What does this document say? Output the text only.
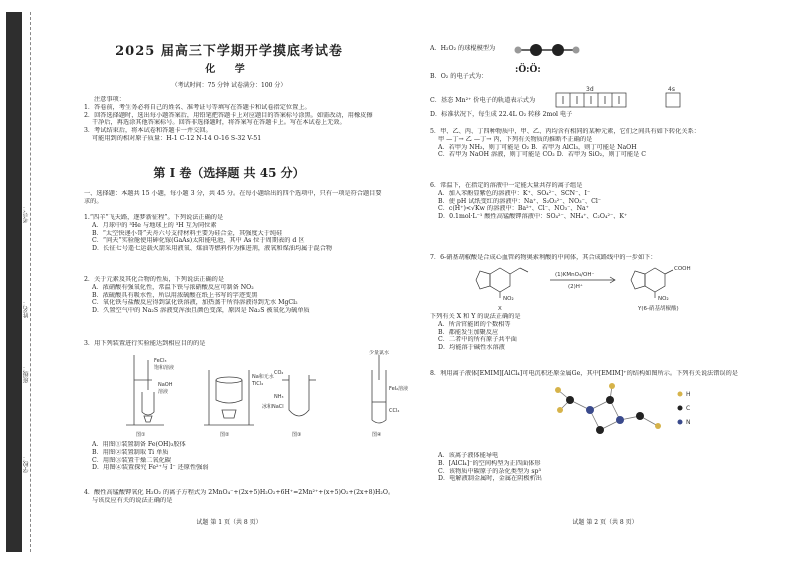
考号：
姓名：
班级：
学校：
2025 届高三下学期开学摸底考试卷
化 学
（考试时间：75 分钟 试卷满分：100 分）
注意事项：
1．答卷前，考生务必将自己的姓名、准考证号等填写在答题卡和试卷指定位置上。
2．回答选择题时，选出每小题答案后，用铅笔把答题卡上对应题目的答案标号涂黑。如需改动，用橡皮擦
干净后，再选涂其他答案标号。回答非选择题时，将答案写在答题卡上。写在本试卷上无效。
3．考试结束后，将本试卷和答题卡一并交回。
可能用到的相对原子质量：H-1 C-12 N-14 O-16 S-32 V-51
第 I 卷（选择题 共 45 分）
一、选择题：本题共 15 小题，每小题 3 分，共 45 分。在每小题给出的四个选项中，只有一项是符合题目要
求的。
1.“四羊”飞天路，逐梦新征程”。下列说法正确的是
A．月球中的 ³He 与地球上的 ³H 互为同位素
B．“太空快递小哥”天舟六号支持材料主要为硅合金，其强度大于纯硅
C．“问天”实验舱使用砷化镓(GaAs)太阳能电池，其中 As 位于周期表的 d 区
D．长征七号遥七运载火箭采用液氧、煤油等燃料作为推进剂，液氧和煤油均属于混合物
2．关于元素及其化合物的性质，下列说法正确的是
A．浓硝酸有强氧化性，常温下铁与浓硝酸反应可制备 NO₂
B．浓硫酸具有吸水性，所以用浓硫酸在纸上书写的字迹变黑
C．氧化铁与盐酸反应得到氯化铁溶液，加热蒸干所得溶液得到无水 MgCl₂
D．久置空气中的 Na₂S 溶液变浑浊且颜色变深，原因是 Na₂S 被氧化为硫单质
3．用下列装置进行实验能达到相应目的的是
FeCl₃
饱和溶液
NaOH
溶液
Na和无水
TiCl₄
CO₂
NH₃
冰和NaCl
少量氯水
FeI₂溶液
CCl₄
图①	图②	图③	图④
A．用图①装置制备 Fe(OH)₃胶体
B．用图②装置制取 Ti 单质
C．用图③装置干燥二氧化碳
D．用图④装置探究 Fe²⁺与 I⁻ 还原性强弱
4．酸性高锰酸钾氧化 H₂O₂ 的离子方程式为 2MnO₄⁻+(2x+5)H₂O₂+6H⁺=2Mn²⁺+(x+5)O₂+(2x+8)H₂O。
与该反应有关的说法正确的是
试题 第 1 页（共 8 页）
A．H₂O₂ 的球棍模型为
B．O₂ 的电子式为：
C．基态 Mn²⁺ 价电子的轨道表示式为
D．标准状况下，每生成 22.4L O₂ 转移 2mol 电子
:Ö:Ö:
3d	4s
5．甲、乙、丙、丁四种物质中，甲、乙、丙均含有相同的某种元素，它们之间具有如下转化关系：
甲 —丁→ 乙 —丁→ 丙，下列有关物质的推断不正确的是
A．若甲为 NH₃，则丁可能是 O₂ B．若甲为 AlCl₃，则丁可能是 NaOH
C．若甲为 NaOH 溶液，则丁可能是 CO₂ D．若甲为 SiO₂，则丁可能是 C
6．常温下，在指定的溶液中一定能大量共存的离子组是
A．加入苯酚显紫色的溶液中：K⁺、SO₄²⁻、SCN⁻、I⁻
B．使 pH 试纸变红的溶液中：Na⁺、S₂O₃²⁻、NO₃⁻、Cl⁻
C．c(H⁺)<√Kw 的溶液中：Ba²⁺、Cl⁻、NO₃⁻、Na⁺
D．0.1mol·L⁻¹ 酸性高锰酸钾溶液中：SO₄²⁻、NH₄⁺、C₂O₄²⁻、K⁺
7．6-硝基胡椒酸是合成心血管药物奥索利酸的中间体，其合成路线中的一步如下：
(1)KMnO₄/OH⁻
(2)H⁺
X	Y(6-硝基胡椒酸)
NO₂	NO₂
COOH
下列有关 X 和 Y 的说法正确的是
A．所含官能团的个数相等
B．都能发生加聚反应
C．二者中的所有原子共平面
D．均能溶于碱性水溶液
8．利用离子液体[EMIM][AlCl₄]可电沉积还原金属Ge，其中[EMIM]⁺的结构如图所示。下列有关说法错误的是
H
C
N
A．该离子液体能导电
B．[AlCl₄]⁻的空间构型为正四面体形
C．该物质中碳原子的杂化类型为 sp³
D．电解液制金属时，金属在阴极析出
试题 第 2 页（共 8 页）
